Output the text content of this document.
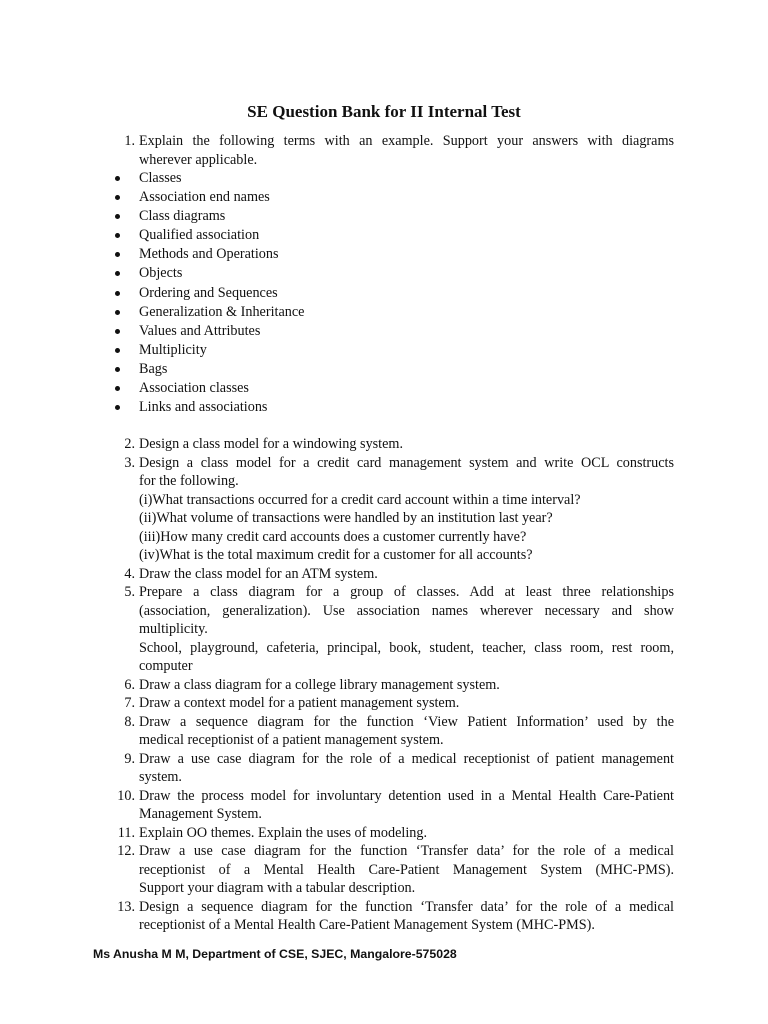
SE Question Bank for II Internal Test
1. Explain the following terms with an example. Support your answers with diagrams
wherever applicable.
Classes
Association end names
Class diagrams
Qualified association
Methods and Operations
Objects
Ordering and Sequences
Generalization & Inheritance
Values and Attributes
Multiplicity
Bags
Association classes
Links and associations
2. Design a class model for a windowing system.
3. Design a class model for a credit card management system and write OCL constructs
for the following.
(i)What transactions occurred for a credit card account within a time interval?
(ii)What volume of transactions were handled by an institution last year?
(iii)How many credit card accounts does a customer currently have?
(iv)What is the total maximum credit for a customer for all accounts?
4. Draw the class model for an ATM system.
5. Prepare a class diagram for a group of classes. Add at least three relationships
(association, generalization). Use association names wherever necessary and show
multiplicity.
School, playground, cafeteria, principal, book, student, teacher, class room, rest room,
computer
6. Draw a class diagram for a college library management system.
7. Draw a context model for a patient management system.
8. Draw a sequence diagram for the function ‘View Patient Information’ used by the
medical receptionist of a patient management system.
9. Draw a use case diagram for the role of a medical receptionist of patient management
system.
10. Draw the process model for involuntary detention used in a Mental Health Care-Patient
Management System.
11. Explain OO themes. Explain the uses of modeling.
12. Draw a use case diagram for the function ‘Transfer data’ for the role of a medical
receptionist of a Mental Health Care-Patient Management System (MHC-PMS).
Support your diagram with a tabular description.
13. Design a sequence diagram for the function ‘Transfer data’ for the role of a medical
receptionist of a Mental Health Care-Patient Management System (MHC-PMS).
Ms Anusha M M, Department of CSE, SJEC, Mangalore-575028
